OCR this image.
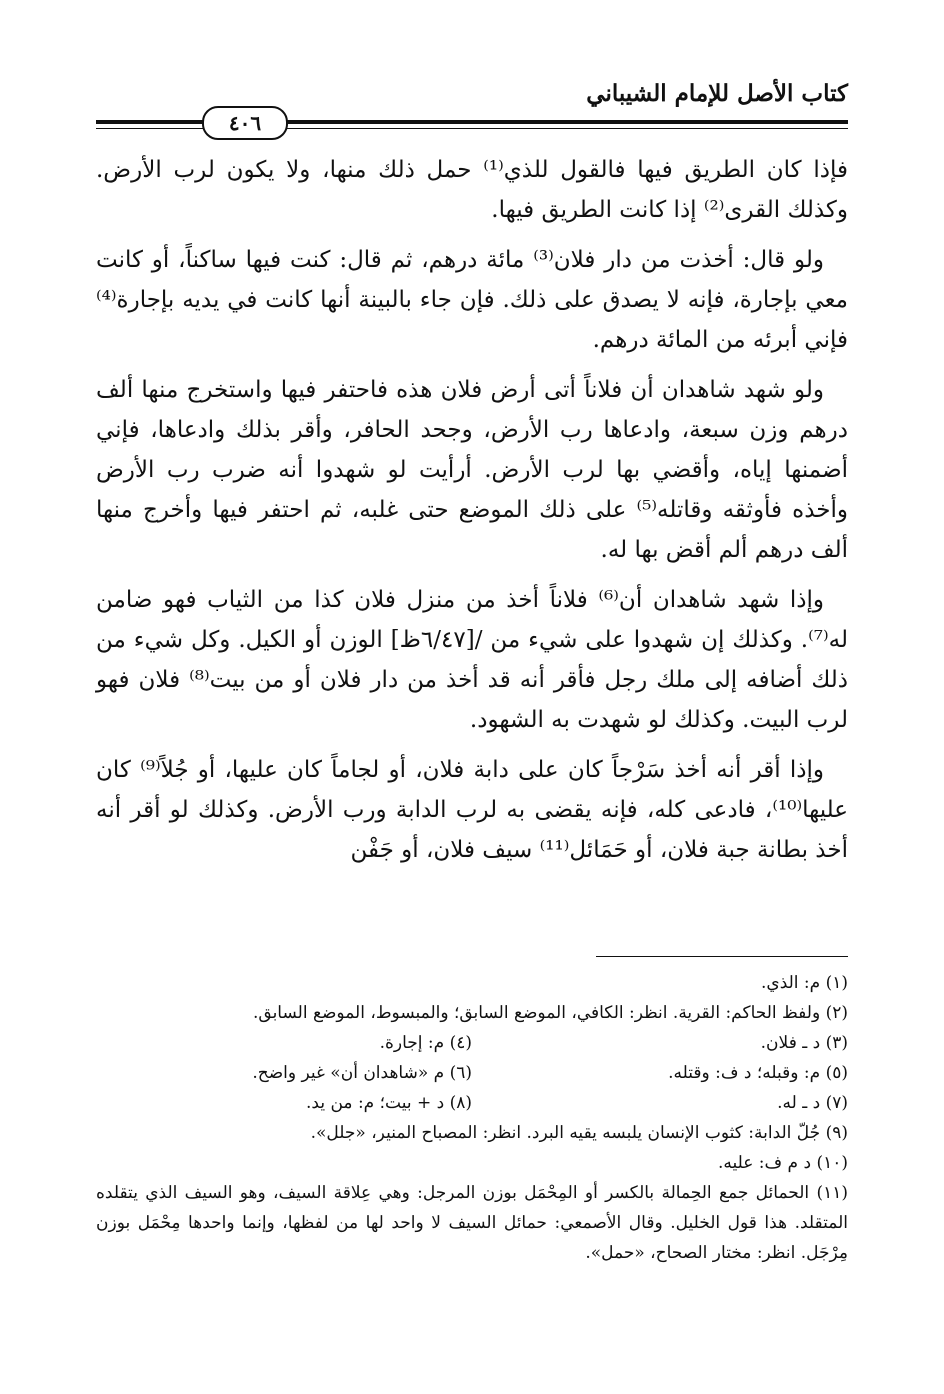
كتاب الأصل للإمام الشيباني
٤٠٦

فإذا كان الطريق فيها فالقول للذي⁽¹⁾ حمل ذلك منها، ولا يكون لرب الأرض. وكذلك القرى⁽²⁾ إذا كانت الطريق فيها.

ولو قال: أخذت من دار فلان⁽³⁾ مائة درهم، ثم قال: كنت فيها ساكناً، أو كانت معي بإجارة، فإنه لا يصدق على ذلك. فإن جاء بالبينة أنها كانت في يديه بإجارة⁽⁴⁾ فإني أبرئه من المائة درهم.

ولو شهد شاهدان أن فلاناً أتى أرض فلان هذه فاحتفر فيها واستخرج منها ألف درهم وزن سبعة، وادعاها رب الأرض، وجحد الحافر، وأقر بذلك وادعاها، فإني أضمنها إياه، وأقضي بها لرب الأرض. أرأيت لو شهدوا أنه ضرب رب الأرض وأخذه فأوثقه وقاتله⁽⁵⁾ على ذلك الموضع حتى غلبه، ثم احتفر فيها وأخرج منها ألف درهم ألم أقض بها له.

وإذا شهد شاهدان أن⁽⁶⁾ فلاناً أخذ من منزل فلان كذا من الثياب فهو ضامن له⁽⁷⁾. وكذلك إن شهدوا على شيء من /[٦/٤٧ظ] الوزن أو الكيل. وكل شيء من ذلك أضافه إلى ملك رجل فأقر أنه قد أخذ من دار فلان أو من بيت⁽⁸⁾ فلان فهو لرب البيت. وكذلك لو شهدت به الشهود.

وإذا أقر أنه أخذ سَرْجاً كان على دابة فلان، أو لجاماً كان عليها، أو جُلاً⁽⁹⁾ كان عليها⁽¹⁰⁾، فادعى كله، فإنه يقضى به لرب الدابة ورب الأرض. وكذلك لو أقر أنه أخذ بطانة جبة فلان، أو حَمَائل⁽¹¹⁾ سيف فلان، أو جَفْن

(١) م: الذي.

(٢) ولفظ الحاكم: القرية. انظر: الكافي، الموضع السابق؛ والمبسوط، الموضع السابق.

(٣) د ـ فلان.

(٤) م: إجارة.

(٥) م: وقبله؛ د ف: وقتله.

(٦) م «شاهدان أن» غير واضح.

(٧) د ـ له.

(٨) د + بيت؛ م: من يد.

(٩) جُلّ الدابة: كثوب الإنسان يلبسه يقيه البرد. انظر: المصباح المنير، «جلل».

(١٠) د م ف: عليه.

(١١) الحمائل جمع الحِمالة بالكسر أو المِحْمَل بوزن المرجل: وهي عِلاقة السيف، وهو السيف الذي يتقلده المتقلد. هذا قول الخليل. وقال الأصمعي: حمائل السيف لا واحد لها من لفظها، وإنما واحدها مِحْمَل بوزن مِرْجَل. انظر: مختار الصحاح، «حمل».
